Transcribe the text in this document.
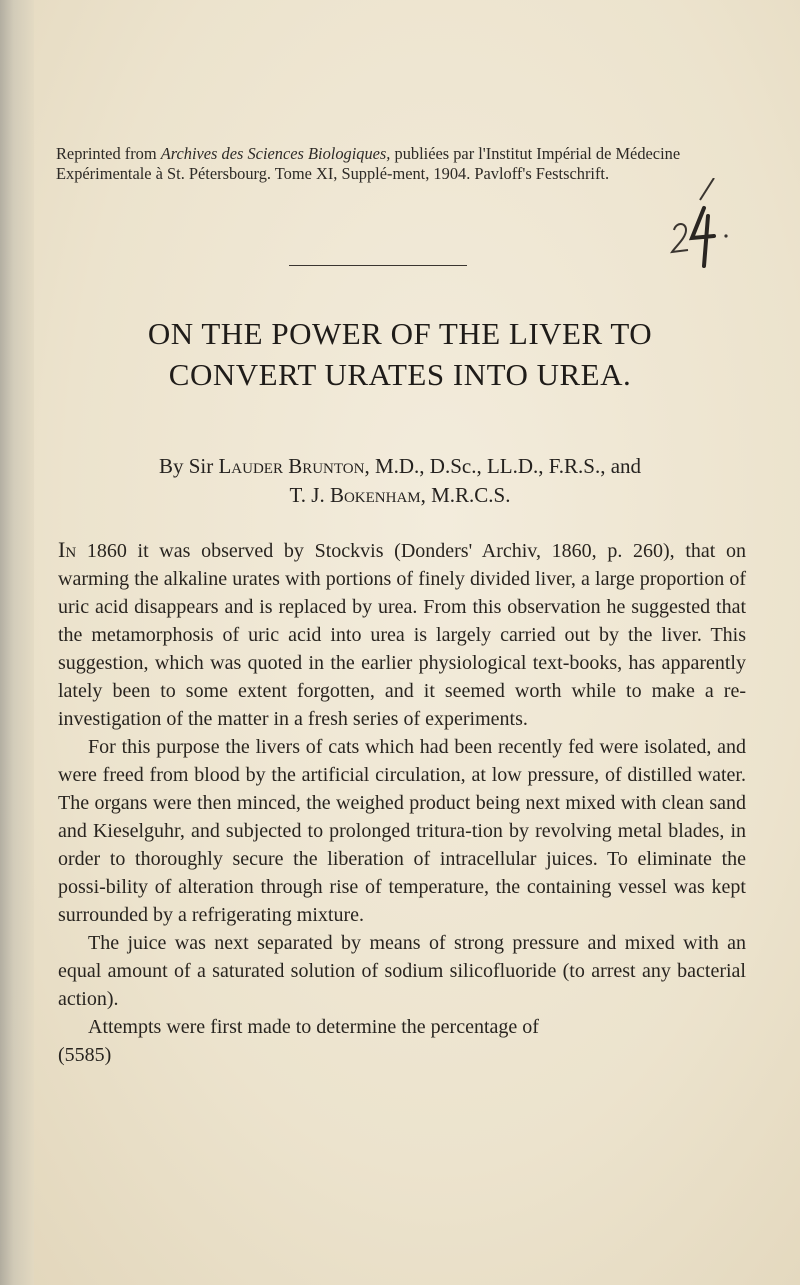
Reprinted from Archives des Sciences Biologiques, publiées par l'Institut Impérial de Médecine Expérimentale à St. Pétersbourg. Tome XI, Supplé-ment, 1904. Pavloff's Festschrift.
ON THE POWER OF THE LIVER TO
CONVERT URATES INTO UREA.
By Sir Lauder Brunton, M.D., D.Sc., LL.D., F.R.S., and
T. J. Bokenham, M.R.C.S.

In 1860 it was observed by Stockvis (Donders' Archiv, 1860, p. 260), that on warming the alkaline urates with portions of finely divided liver, a large proportion of uric acid disappears and is replaced by urea. From this observation he suggested that the metamorphosis of uric acid into urea is largely carried out by the liver. This suggestion, which was quoted in the earlier physiological text-books, has apparently lately been to some extent forgotten, and it seemed worth while to make a re-investigation of the matter in a fresh series of experiments.

For this purpose the livers of cats which had been recently fed were isolated, and were freed from blood by the artificial circulation, at low pressure, of distilled water. The organs were then minced, the weighed product being next mixed with clean sand and Kieselguhr, and subjected to prolonged tritura-tion by revolving metal blades, in order to thoroughly secure the liberation of intracellular juices. To eliminate the possi-bility of alteration through rise of temperature, the containing vessel was kept surrounded by a refrigerating mixture.

The juice was next separated by means of strong pressure and mixed with an equal amount of a saturated solution of sodium silicofluoride (to arrest any bacterial action).

Attempts were first made to determine the percentage of

(5585)
